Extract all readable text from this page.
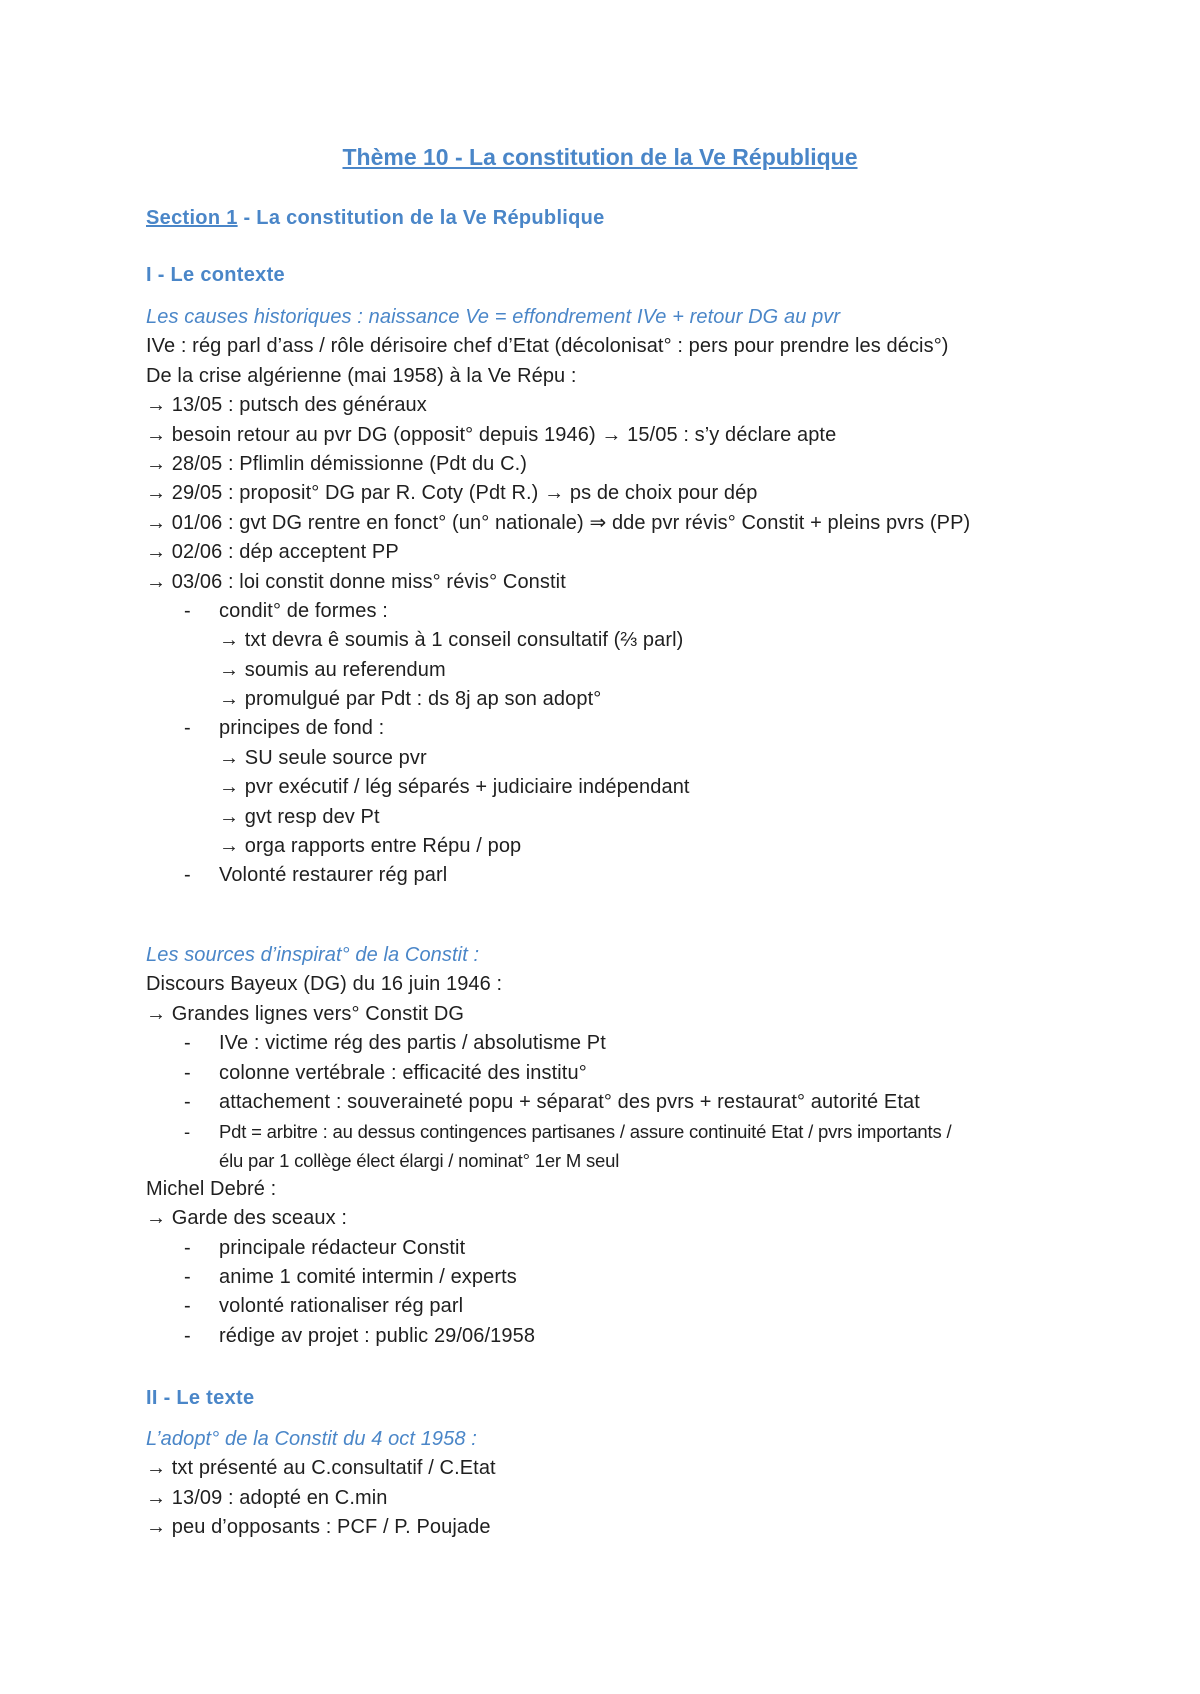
Thème 10 - La constitution de la Ve République
Section 1 - La constitution de la Ve République
I - Le contexte
Les causes historiques : naissance Ve = effondrement IVe + retour DG au pvr
IVe : rég parl d’ass / rôle dérisoire chef d’Etat (décolonisat° : pers pour prendre les décis°)
De la crise algérienne (mai 1958) à la Ve Répu :
→ 13/05 : putsch des généraux
→ besoin retour au pvr DG (opposit° depuis 1946) → 15/05 : s’y déclare apte
→ 28/05 : Pflimlin démissionne (Pdt du C.)
→ 29/05 : proposit° DG par R. Coty (Pdt R.) → ps de choix pour dép
→ 01/06 : gvt DG rentre en fonct° (un° nationale) ⇒ dde pvr révis° Constit + pleins pvrs (PP)
→ 02/06 : dép acceptent PP
→ 03/06 : loi constit donne miss° révis° Constit
- condit° de formes :
→ txt devra ê soumis à 1 conseil consultatif (⅔ parl)
→ soumis au referendum
→ promulgué par Pdt : ds 8j ap son adopt°
- principes de fond :
→ SU seule source pvr
→ pvr exécutif / lég séparés + judiciaire indépendant
→ gvt resp dev Pt
→ orga rapports entre Répu / pop
- Volonté restaurer rég parl
Les sources d’inspirat° de la Constit :
Discours Bayeux (DG) du 16 juin 1946 :
→ Grandes lignes vers° Constit DG
- IVe : victime rég des partis / absolutisme Pt
- colonne vertébrale : efficacité des institu°
- attachement : souveraineté popu + séparat° des pvrs + restaurat° autorité Etat
- Pdt = arbitre : au dessus contingences partisanes / assure continuité Etat / pvrs importants /
élu par 1 collège élect élargi / nominat° 1er M seul
Michel Debré :
→ Garde des sceaux :
- principale rédacteur Constit
- anime 1 comité intermin / experts
- volonté rationaliser rég parl
- rédige av projet : public 29/06/1958
II - Le texte
L’adopt° de la Constit du 4 oct 1958 :
→ txt présenté au C.consultatif / C.Etat
→ 13/09 : adopté en C.min
→ peu d’opposants : PCF / P. Poujade
